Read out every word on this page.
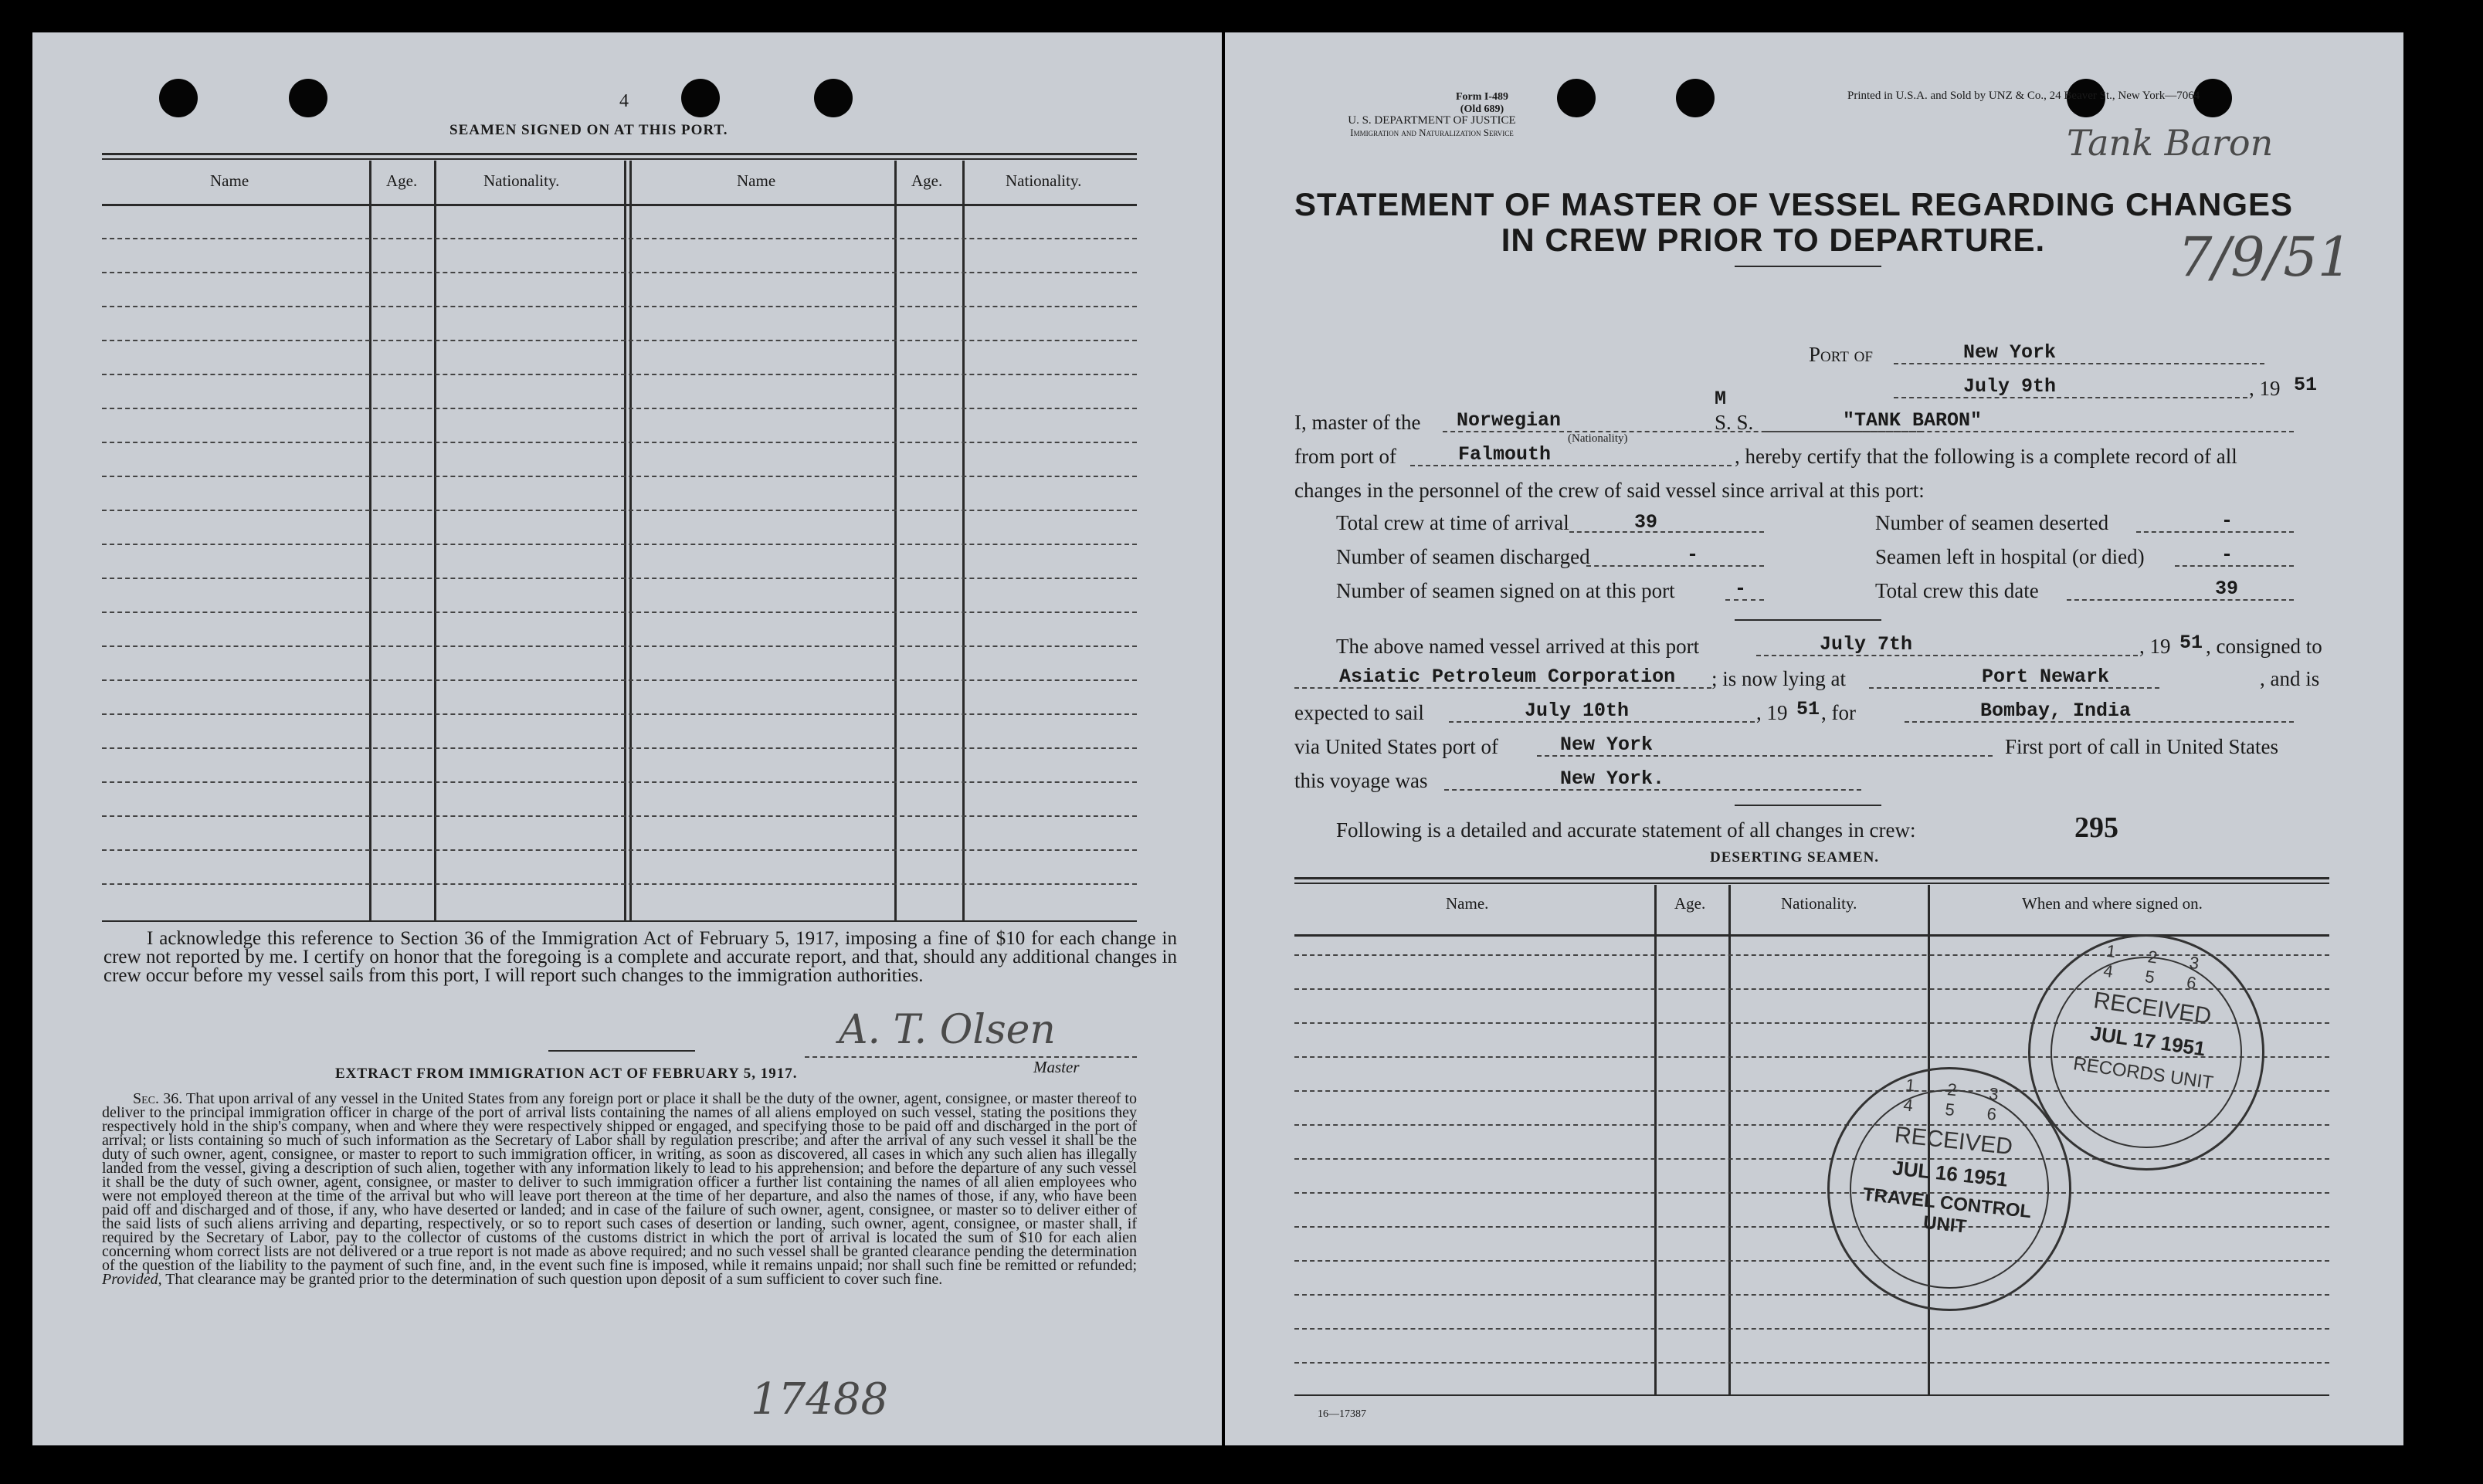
4
SEAMEN SIGNED ON AT THIS PORT.
Name	Age.	Nationality.	Name	Age.	Nationality.
I acknowledge this reference to Section 36 of the Immigration Act of February 5, 1917, imposing a fine of $10 for each change in crew not reported by me. I certify on honor that the foregoing is a complete and accurate report, and that, should any additional changes in crew occur before my vessel sails from this port, I will report such changes to the immigration authorities.
A. T. Olsen
Master
EXTRACT FROM IMMIGRATION ACT OF FEBRUARY 5, 1917.
Sec. 36. That upon arrival of any vessel in the United States from any foreign port or place it shall be the duty of the owner, agent, consignee, or master thereof to deliver to the principal immigration officer in charge of the port of arrival lists containing the names of all aliens employed on such vessel, stating the positions they respectively hold in the ship's company, when and where they were respectively shipped or engaged, and specifying those to be paid off and discharged in the port of arrival; or lists containing so much of such information as the Secretary of Labor shall by regulation prescribe; and after the arrival of any such vessel it shall be the duty of such owner, agent, consignee, or master to report to such immigration officer, in writing, as soon as discovered, all cases in which any such alien has illegally landed from the vessel, giving a description of such alien, together with any information likely to lead to his apprehension; and before the departure of any such vessel it shall be the duty of such owner, agent, consignee, or master to deliver to such immigration officer a further list containing the names of all alien employees who were not employed thereon at the time of the arrival but who will leave port thereon at the time of her departure, and also the names of those, if any, who have been paid off and discharged and of those, if any, who have deserted or landed; and in case of the failure of such owner, agent, consignee, or master so to deliver either of the said lists of such aliens arriving and departing, respectively, or so to report such cases of desertion or landing, such owner, agent, consignee, or master shall, if required by the Secretary of Labor, pay to the collector of customs of the customs district in which the port of arrival is located the sum of $10 for each alien concerning whom correct lists are not delivered or a true report is not made as above required; and no such vessel shall be granted clearance pending the determination of the question of the liability to the payment of such fine, and, in the event such fine is imposed, while it remains unpaid; nor shall such fine be remitted or refunded; Provided, That clearance may be granted prior to the determination of such question upon deposit of a sum sufficient to cover such fine.
17488
Form I-489
(Old 689)
U. S. DEPARTMENT OF JUSTICE
Immigration and Naturalization Service
Printed in U.S.A. and Sold by UNZ & Co., 24 Beaver St., New York—7064
Tank Baron
7/9/51
STATEMENT OF MASTER OF VESSEL REGARDING CHANGES
IN CREW PRIOR TO DEPARTURE.
Port of	New York
July 9th	, 19 51
I, master of the Norwegian
(Nationality)
M
S. S.	"TANK BARON"
from port of	Falmouth	, hereby certify that the following is a complete record of all
changes in the personnel of the crew of said vessel since arrival at this port:
Total crew at time of arrival	39
Number of seamen discharged	-
Number of seamen signed on at this port	-
Number of seamen deserted	-
Seamen left in hospital (or died)	-
Total crew this date	39
The above named vessel arrived at this port	July 7th	, 19 51 , consigned to
Asiatic Petroleum Corporation ; is now lying at	Port Newark	, and is
expected to sail	July 10th	, 19 51 , for	Bombay, India
via United States port of	New York	First port of call in United States
this voyage was	New York.
Following is a detailed and accurate statement of all changes in crew:	295
DESERTING SEAMEN.
Name.	Age.	Nationality.	When and where signed on.
1 2 3 4 5 6
RECEIVED
JUL 17 1951
RECORDS UNIT
1 2 3 4 5 6
RECEIVED
JUL 16 1951
TRAVEL CONTROL UNIT
16—17387
